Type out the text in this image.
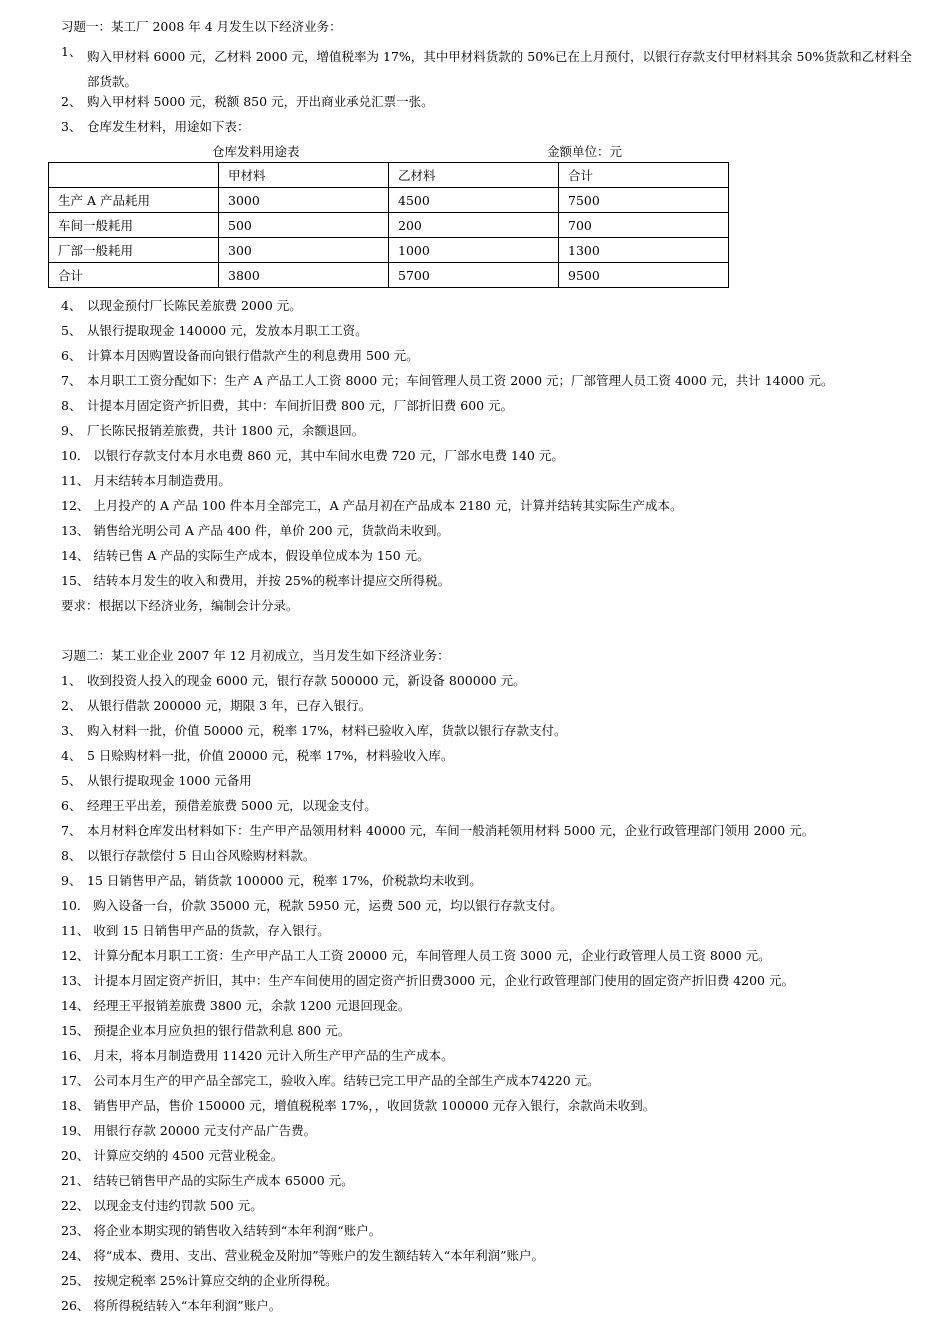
习题一：某工厂 2008 年 4 月发生以下经济业务：
1、 购入甲材料 6000 元，乙材料 2000 元，增值税率为 17%，其中甲材料货款的 50%已在上月预付，以银行存款支付甲材料其余 50%货款和乙材料全部货款。
2、 购入甲材料 5000 元，税额 850 元，开出商业承兑汇票一张。
3、 仓库发生材料，用途如下表：
仓库发料用途表	金额单位：元
	甲材料	乙材料	合计
生产 A 产品耗用	3000	4500	7500
车间一般耗用	500	200	700
厂部一般耗用	300	1000	1300
合计	3800	5700	9500
4、 以现金预付厂长陈民差旅费 2000 元。
5、 从银行提取现金 140000 元，发放本月职工工资。
6、 计算本月因购置设备而向银行借款产生的利息费用 500 元。
7、 本月职工工资分配如下：生产 A 产品工人工资 8000 元；车间管理人员工资 2000 元；厂部管理人员工资 4000 元，共计 14000 元。
8、 计提本月固定资产折旧费，其中：车间折旧费 800 元，厂部折旧费 600 元。
9、 厂长陈民报销差旅费，共计 1800 元，余额退回。
10． 以银行存款支付本月水电费 860 元，其中车间水电费 720 元，厂部水电费 140 元。
11、 月末结转本月制造费用。
12、 上月投产的 A 产品 100 件本月全部完工，A 产品月初在产品成本 2180 元，计算并结转其实际生产成本。
13、 销售给光明公司 A 产品 400 件，单价 200 元，货款尚未收到。
14、 结转已售 A 产品的实际生产成本，假设单位成本为 150 元。
15、 结转本月发生的收入和费用，并按 25%的税率计提应交所得税。
要求：根据以下经济业务，编制会计分录。
习题二：某工业企业 2007 年 12 月初成立，当月发生如下经济业务：
1、 收到投资人投入的现金 6000 元，银行存款 500000 元，新设备 800000 元。
2、 从银行借款 200000 元，期限 3 年，已存入银行。
3、 购入材料一批，价值 50000 元，税率 17%，材料已验收入库，货款以银行存款支付。
4、 5 日赊购材料一批，价值 20000 元，税率 17%，材料验收入库。
5、 从银行提取现金 1000 元备用
6、 经理王平出差，预借差旅费 5000 元，以现金支付。
7、 本月材料仓库发出材料如下：生产甲产品领用材料 40000 元，车间一般消耗领用材料 5000 元，企业行政管理部门领用 2000 元。
8、 以银行存款偿付 5 日山谷风赊购材料款。
9、 15 日销售甲产品，销货款 100000 元，税率 17%，价税款均未收到。
10． 购入设备一台，价款 35000 元，税款 5950 元，运费 500 元，均以银行存款支付。
11、 收到 15 日销售甲产品的货款，存入银行。
12、 计算分配本月职工工资：生产甲产品工人工资 20000 元，车间管理人员工资 3000 元，企业行政管理人员工资 8000 元。
13、 计提本月固定资产折旧，其中：生产车间使用的固定资产折旧费3000 元，企业行政管理部门使用的固定资产折旧费 4200 元。
14、 经理王平报销差旅费 3800 元，余款 1200 元退回现金。
15、 预提企业本月应负担的银行借款利息 800 元。
16、 月末，将本月制造费用 11420 元计入所生产甲产品的生产成本。
17、 公司本月生产的甲产品全部完工，验收入库。结转已完工甲产品的全部生产成本74220 元。
18、 销售甲产品，售价 150000 元，增值税税率 17%，，收回货款 100000 元存入银行，余款尚未收到。
19、 用银行存款 20000 元支付产品广告费。
20、 计算应交纳的 4500 元营业税金。
21、 结转已销售甲产品的实际生产成本 65000 元。
22、 以现金支付违约罚款 500 元。
23、 将企业本期实现的销售收入结转到“本年利润“账户。
24、 将“成本、费用、支出、营业税金及附加”等账户的发生额结转入“本年利润”账户。
25、 按规定税率 25%计算应交纳的企业所得税。
26、 将所得税结转入“本年利润”账户。
